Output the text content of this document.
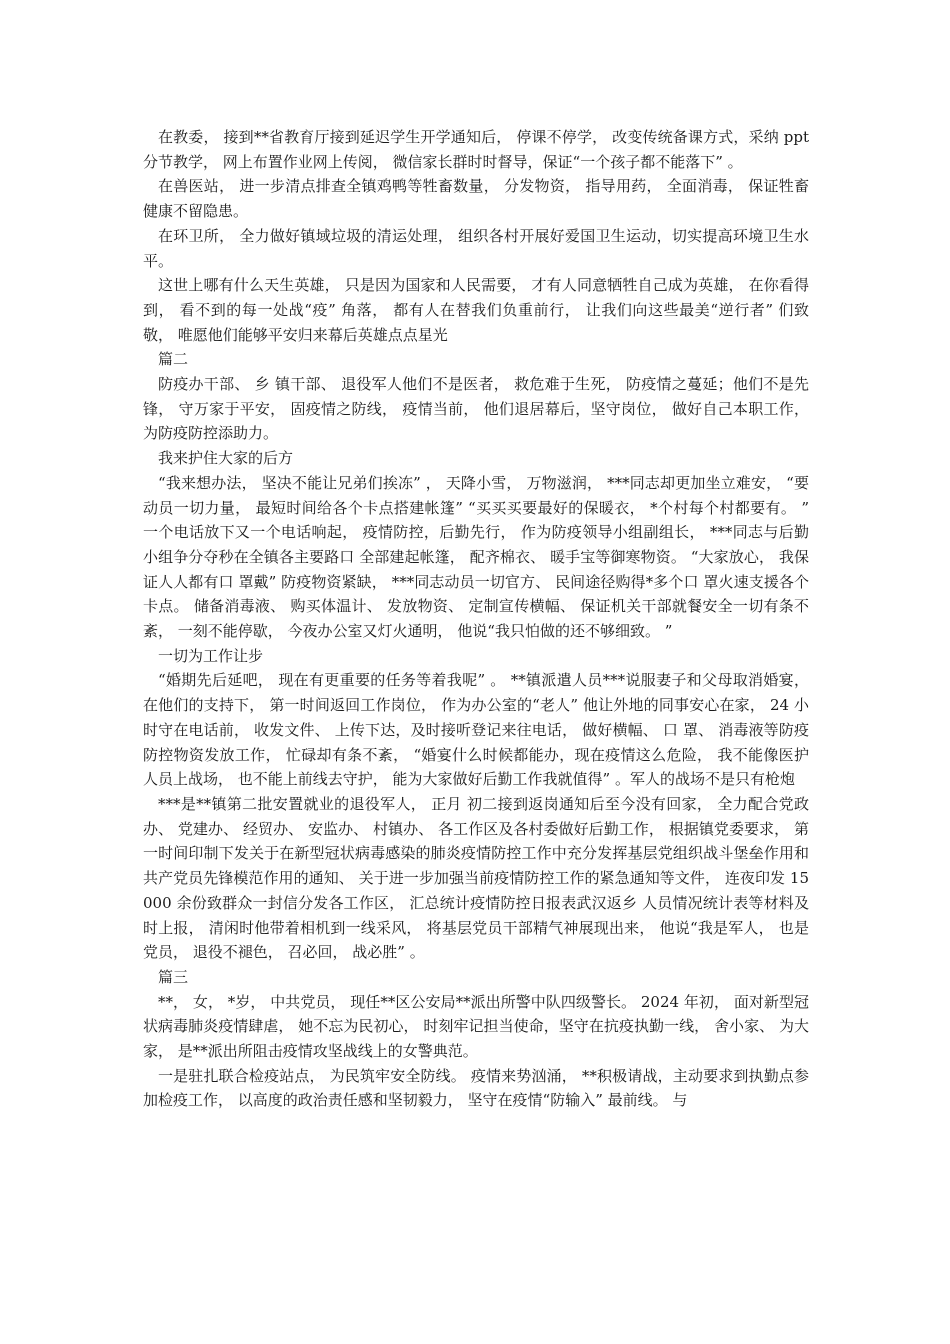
在教委， 接到**省教育厅接到延迟学生开学通知后， 停课不停学， 改变传统备课方式，采纳 ppt 分节教学， 网上布置作业网上传阅， 微信家长群时时督导，保证“一个孩子都不能落下” 。

在兽医站， 进一步清点排查全镇鸡鸭等牲畜数量， 分发物资， 指导用药， 全面消毒， 保证牲畜健康不留隐患。

在环卫所， 全力做好镇域垃圾的清运处理， 组织各村开展好爱国卫生运动，切实提高环境卫生水平。

这世上哪有什么天生英雄， 只是因为国家和人民需要， 才有人同意牺牲自己成为英雄， 在你看得到， 看不到的每一处战“疫” 角落， 都有人在替我们负重前行， 让我们向这些最美“逆行者” 们致敬， 唯愿他们能够平安归来幕后英雄点点星光

篇二

防疫办干部、 乡 镇干部、 退役军人他们不是医者， 救危难于生死， 防疫情之蔓延；他们不是先锋， 守万家于平安， 固疫情之防线， 疫情当前， 他们退居幕后，坚守岗位， 做好自己本职工作， 为防疫防控添助力。

我来护住大家的后方

“我来想办法， 坚决不能让兄弟们挨冻” ， 天降小雪， 万物滋润， ***同志却更加坐立难安， “要动员一切力量， 最短时间给各个卡点搭建帐篷” “买买买要最好的保暖衣， *个村每个村都要有。 ” 一个电话放下又一个电话响起， 疫情防控，后勤先行， 作为防疫领导小组副组长， ***同志与后勤小组争分夺秒在全镇各主要路口 全部建起帐篷， 配齐棉衣、 暖手宝等御寒物资。 “大家放心， 我保证人人都有口 罩戴” 防疫物资紧缺， ***同志动员一切官方、 民间途径购得*多个口 罩火速支援各个卡点。 储备消毒液、 购买体温计、 发放物资、 定制宣传横幅、 保证机关干部就餐安全一切有条不紊， 一刻不能停歇， 今夜办公室又灯火通明， 他说“我只怕做的还不够细致。 ”

一切为工作让步

“婚期先后延吧， 现在有更重要的任务等着我呢” 。 **镇派遣人员***说服妻子和父母取消婚宴， 在他们的支持下， 第一时间返回工作岗位， 作为办公室的“老人” 他让外地的同事安心在家， 24 小时守在电话前， 收发文件、 上传下达，及时接听登记来往电话， 做好横幅、 口 罩、 消毒液等防疫防控物资发放工作， 忙碌却有条不紊， “婚宴什么时候都能办，现在疫情这么危险， 我不能像医护人员上战场， 也不能上前线去守护， 能为大家做好后勤工作我就值得” 。军人的战场不是只有枪炮

***是**镇第二批安置就业的退役军人， 正月 初二接到返岗通知后至今没有回家， 全力配合党政办、 党建办、 经贸办、 安监办、 村镇办、 各工作区及各村委做好后勤工作， 根据镇党委要求， 第一时间印制下发关于在新型冠状病毒感染的肺炎疫情防控工作中充分发挥基层党组织战斗堡垒作用和共产党员先锋模范作用的通知、 关于进一步加强当前疫情防控工作的紧急通知等文件， 连夜印发 15000 余份致群众一封信分发各工作区， 汇总统计疫情防控日报表武汉返乡 人员情况统计表等材料及时上报， 清闲时他带着相机到一线采风， 将基层党员干部精气神展现出来， 他说“我是军人， 也是党员， 退役不褪色， 召必回， 战必胜” 。

篇三

**， 女， *岁， 中共党员， 现任**区公安局**派出所警中队四级警长。 2024 年初， 面对新型冠状病毒肺炎疫情肆虐， 她不忘为民初心， 时刻牢记担当使命，坚守在抗疫执勤一线， 舍小家、 为大家， 是**派出所阻击疫情攻坚战线上的女警典范。

一是驻扎联合检疫站点， 为民筑牢安全防线。 疫情来势汹涌， **积极请战，主动要求到执勤点参加检疫工作， 以高度的政治责任感和坚韧毅力， 坚守在疫情“防输入” 最前线。 与
